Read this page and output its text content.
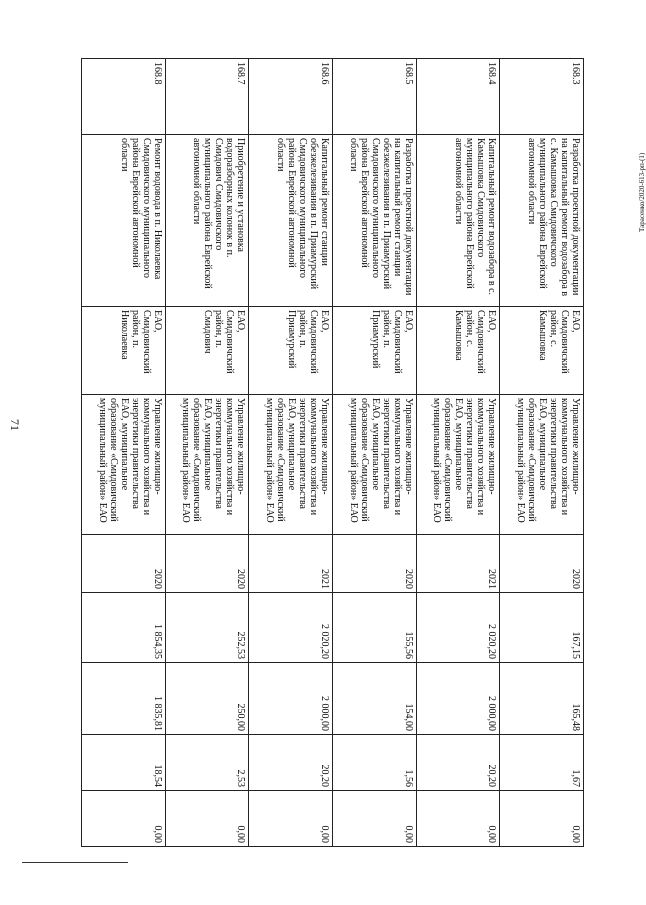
71
168.3	Разработка проектной документации на капитальный ремонт водозабора в с. Камышовка Смидовичского муниципального района Еврейской автономной области	ЕАО, Смидовичский район, с. Камышовка	Управление жилищно-коммунального хозяйства и энергетики правительства ЕАО, муниципальное образование «Смидовичский муниципальный район» ЕАО	2020	167,15	165,48	1,67	0,00
168.4	Капитальный ремонт водозабора в с. Камышовка Смидовичского муниципального района Еврейской автономной области	ЕАО, Смидовичский район, с. Камышовка	Управление жилищно-коммунального хозяйства и энергетики правительства ЕАО, муниципальное образование «Смидовичский муниципальный район» ЕАО	2021	2 020,20	2 000,00	20,20	0,00
168.5	Разработка проектной документации на капитальный ремонт станции обезжелезивания в п. Приамурский Смидовичского муниципального района Еврейской автономной области	ЕАО, Смидовичский район, п. Приамурский	Управление жилищно-коммунального хозяйства и энергетики правительства ЕАО, муниципальное образование «Смидовичский муниципальный район» ЕАО	2020	155,56	154,00	1,56	0,00
168.6	Капитальный ремонт станции обезжелезивания в п. Приамурский Смидовичского муниципального района Еврейской автономной области	ЕАО, Смидовичский район, п. Приамурский	Управление жилищно-коммунального хозяйства и энергетики правительства ЕАО, муниципальное образование «Смидовичский муниципальный район» ЕАО	2021	2 020,20	2 000,00	20,20	0,00
168.7	Приобретение и установка водоразборных колонок в п. Смидович Смидовичского муниципального района Еврейской автономной области	ЕАО, Смидовичский район, п. Смидович	Управление жилищно-коммунального хозяйства и энергетики правительства ЕАО, муниципальное образование «Смидовичский муниципальный район» ЕАО	2020	252,53	250,00	2,53	0,00
168.8	Ремонт водовода в п. Николаевка Смидовичского муниципального района Еврейской автономной области	ЕАО, Смидовичский район, п. Николаевка	Управление жилищно-коммунального хозяйства и энергетики правительства ЕАО, муниципальное образование «Смидовичский муниципальный район» ЕАО	2020	1 854,35	1 835,81	18,54	0,00
Тарасенко/2020-613-рп-(1)
